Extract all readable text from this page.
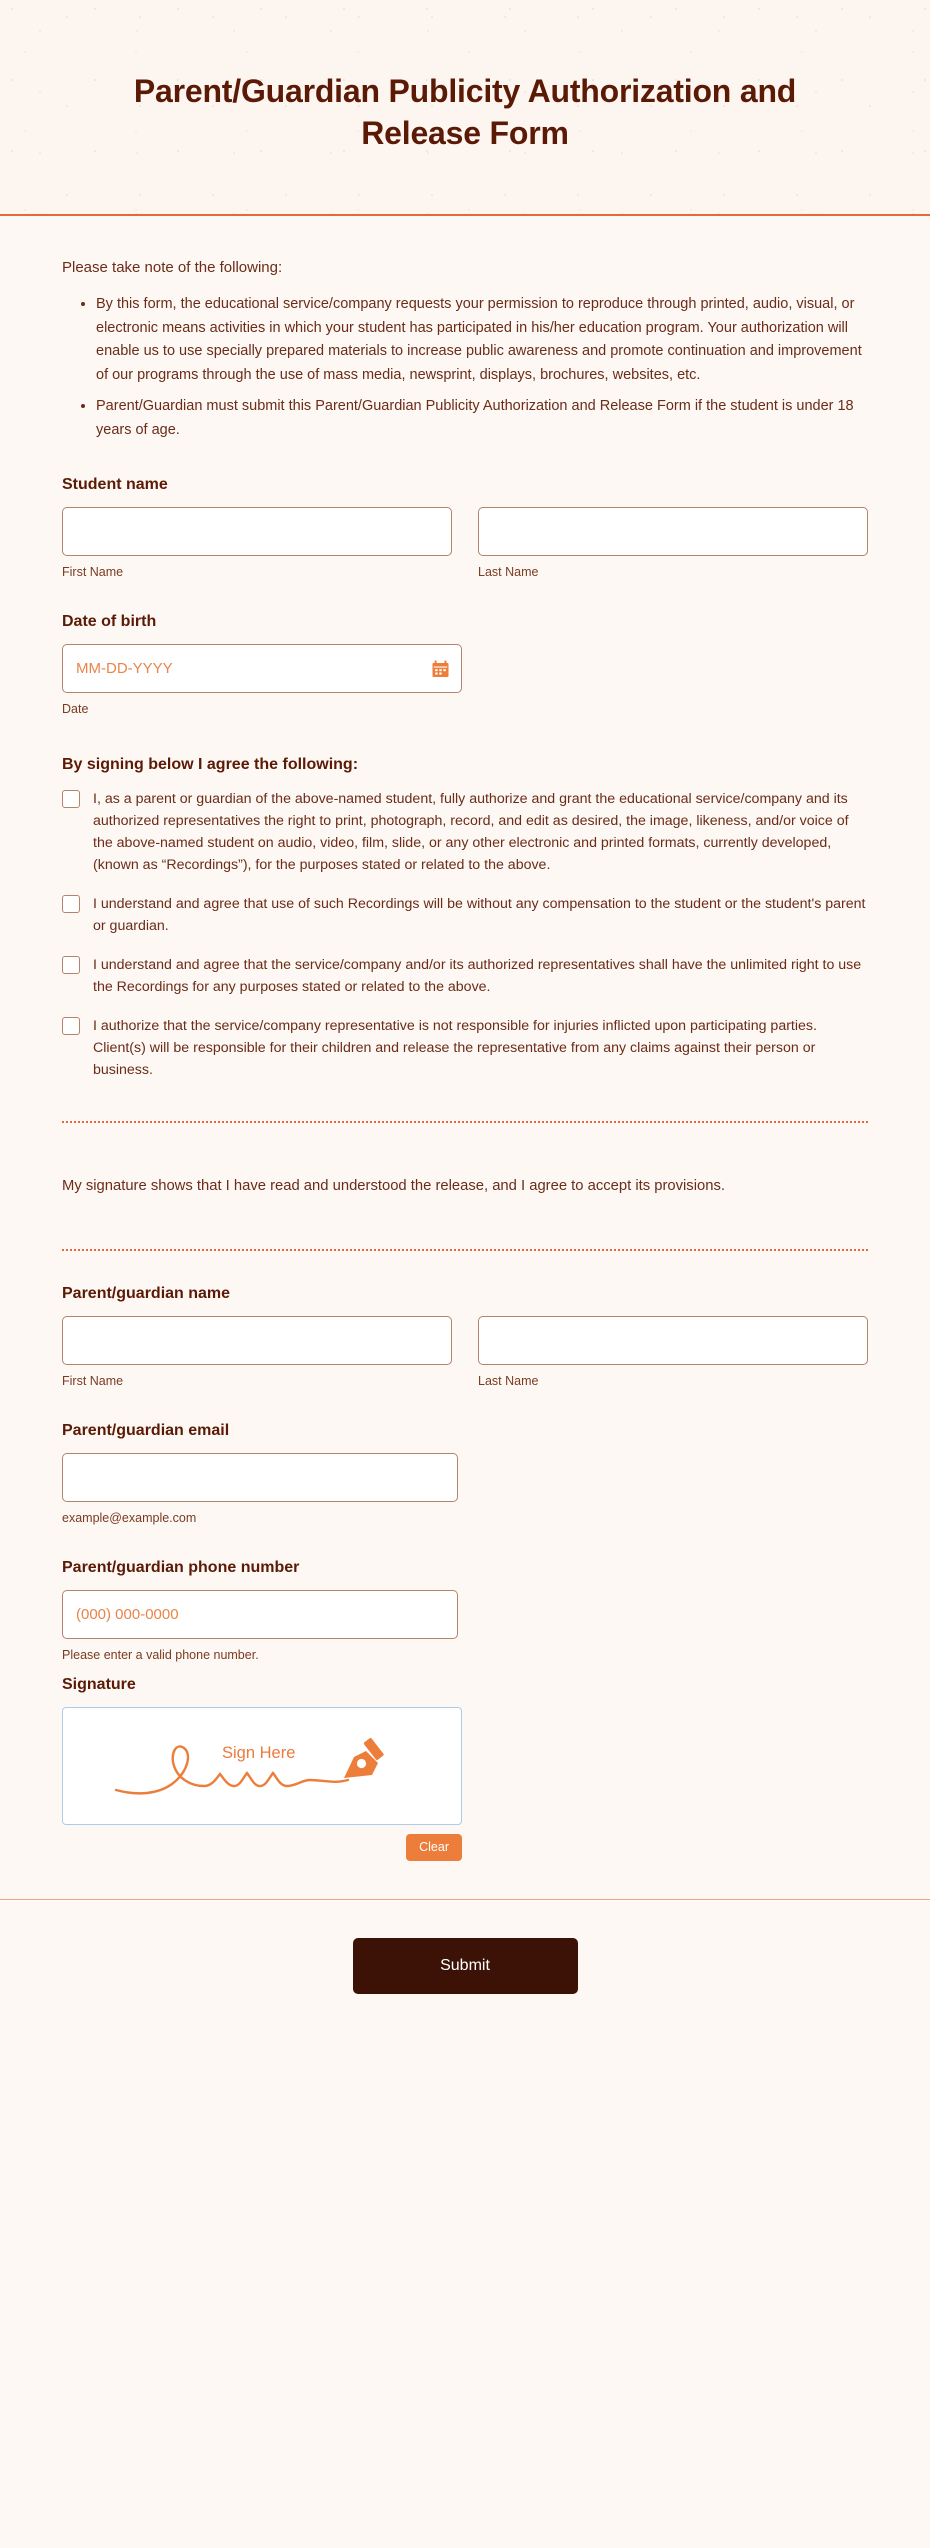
Parent/Guardian Publicity Authorization and Release Form

Please take note of the following:

• By this form, the educational service/company requests your permission to reproduce through printed, audio, visual, or electronic means activities in which your student has participated in his/her education program. Your authorization will enable us to use specially prepared materials to increase public awareness and promote continuation and improvement of our programs through the use of mass media, newsprint, displays, brochures, websites, etc.
• Parent/Guardian must submit this Parent/Guardian Publicity Authorization and Release Form if the student is under 18 years of age.
Student name
First Name	Last Name
Date of birth
MM-DD-YYYY
Date
By signing below I agree the following:
I, as a parent or guardian of the above-named student, fully authorize and grant the educational service/company and its authorized representatives the right to print, photograph, record, and edit as desired, the image, likeness, and/or voice of the above-named student on audio, video, film, slide, or any other electronic and printed formats, currently developed, (known as “Recordings”), for the purposes stated or related to the above.
I understand and agree that use of such Recordings will be without any compensation to the student or the student's parent or guardian.
I understand and agree that the service/company and/or its authorized representatives shall have the unlimited right to use the Recordings for any purposes stated or related to the above.
I authorize that the service/company representative is not responsible for injuries inflicted upon participating parties. Client(s) will be responsible for their children and release the representative from any claims against their person or business.

My signature shows that I have read and understood the release, and I agree to accept its provisions.

Parent/guardian name
First Name	Last Name
Parent/guardian email
example@example.com
Parent/guardian phone number
(000) 000-0000
Please enter a valid phone number.
Signature
Sign Here
Clear
Submit
